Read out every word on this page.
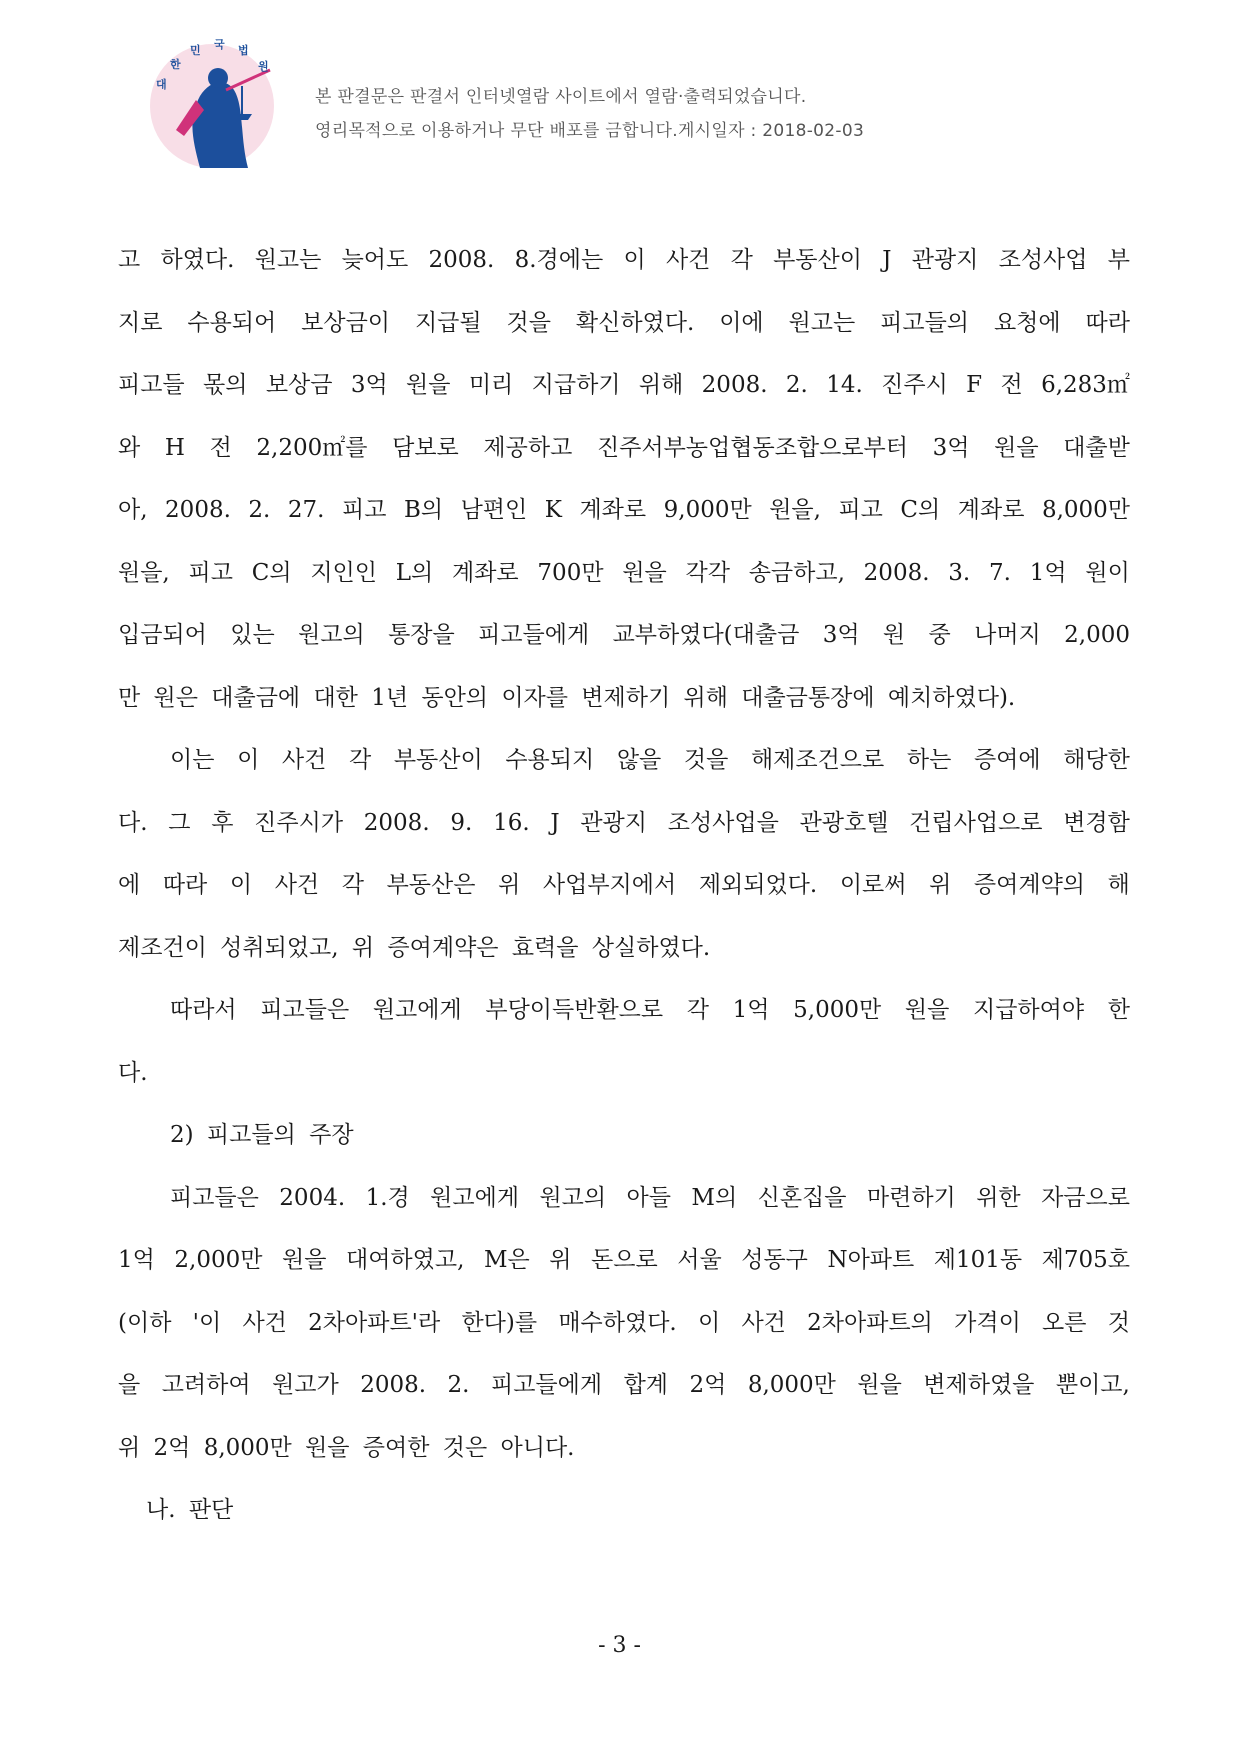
대
한
민 국 법
원
본 판결문은 판결서 인터넷열람 사이트에서 열람·출력되었습니다.
영리목적으로 이용하거나 무단 배포를 금합니다.게시일자 : 2018-02-03
고 하였다. 원고는 늦어도 2008. 8.경에는 이 사건 각 부동산이 J 관광지 조성사업 부
지로 수용되어 보상금이 지급될 것을 확신하였다. 이에 원고는 피고들의 요청에 따라
피고들 몫의 보상금 3억 원을 미리 지급하기 위해 2008. 2. 14. 진주시 F 전 6,283㎡
와 H 전 2,200㎡를 담보로 제공하고 진주서부농업협동조합으로부터 3억 원을 대출받
아, 2008. 2. 27. 피고 B의 남편인 K 계좌로 9,000만 원을, 피고 C의 계좌로 8,000만
원을, 피고 C의 지인인 L의 계좌로 700만 원을 각각 송금하고, 2008. 3. 7. 1억 원이
입금되어 있는 원고의 통장을 피고들에게 교부하였다(대출금 3억 원 중 나머지 2,000
만 원은 대출금에 대한 1년 동안의 이자를 변제하기 위해 대출금통장에 예치하였다).
이는 이 사건 각 부동산이 수용되지 않을 것을 해제조건으로 하는 증여에 해당한
다. 그 후 진주시가 2008. 9. 16. J 관광지 조성사업을 관광호텔 건립사업으로 변경함
에 따라 이 사건 각 부동산은 위 사업부지에서 제외되었다. 이로써 위 증여계약의 해
제조건이 성취되었고, 위 증여계약은 효력을 상실하였다.
따라서 피고들은 원고에게 부당이득반환으로 각 1억 5,000만 원을 지급하여야 한
다.
2) 피고들의 주장
피고들은 2004. 1.경 원고에게 원고의 아들 M의 신혼집을 마련하기 위한 자금으로
1억 2,000만 원을 대여하였고, M은 위 돈으로 서울 성동구 N아파트 제101동 제705호
(이하 '이 사건 2차아파트'라 한다)를 매수하였다. 이 사건 2차아파트의 가격이 오른 것
을 고려하여 원고가 2008. 2. 피고들에게 합계 2억 8,000만 원을 변제하였을 뿐이고,
위 2억 8,000만 원을 증여한 것은 아니다.
나. 판단
- 3 -
